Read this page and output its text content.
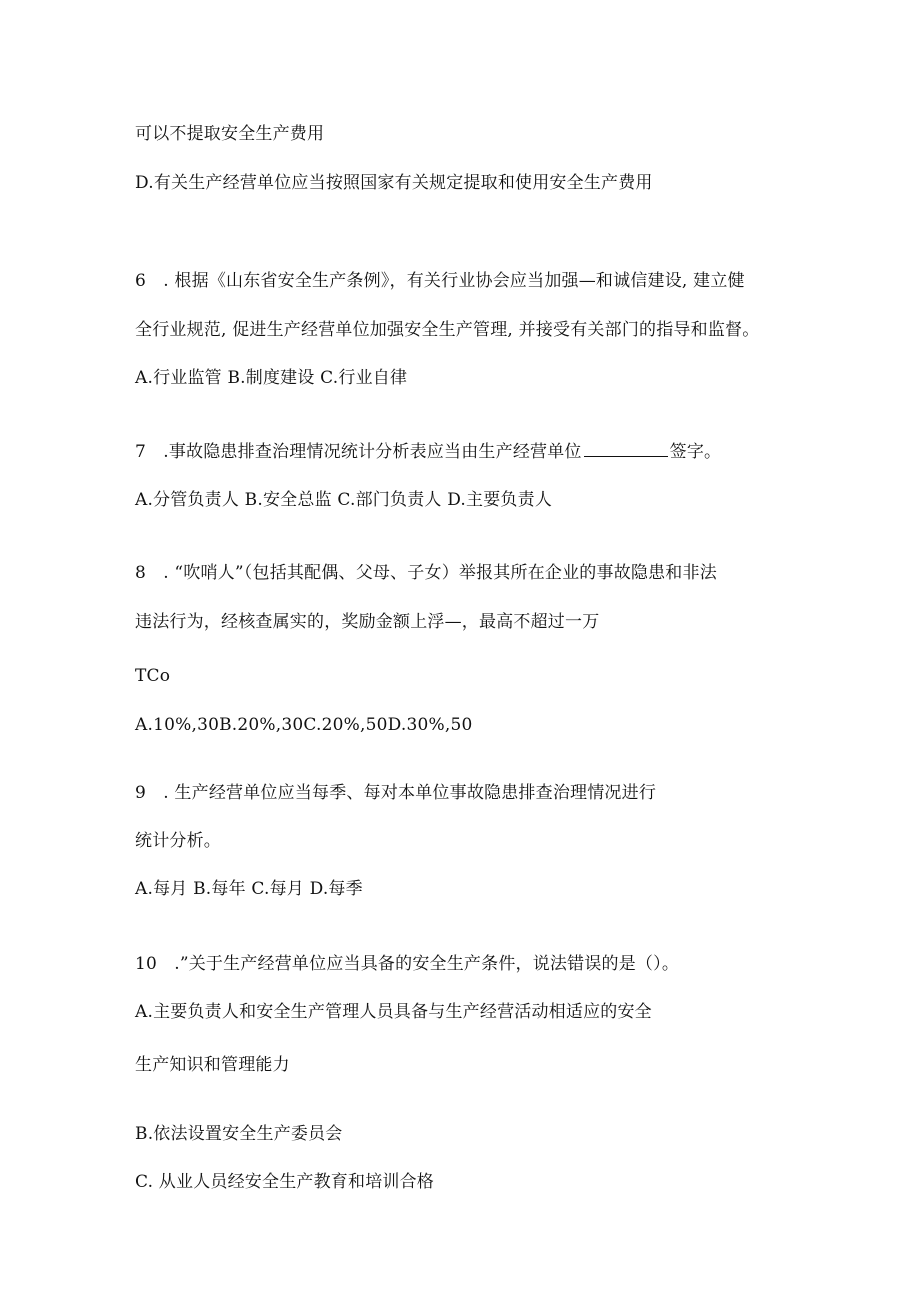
可以不提取安全生产费用
D.有关生产经营单位应当按照国家有关规定提取和使用安全生产费用
6　. 根据《山东省安全生产条例》，有关行业协会应当加强—和诚信建设, 建立健
全行业规范, 促进生产经营单位加强安全生产管理, 并接受有关部门的指导和监督。
A.行业监管 B.制度建设 C.行业自律
7　.事故隐患排查治理情况统计分析表应当由生产经营单位	签字。
A.分管负责人 B.安全总监 C.部门负责人 D.主要负责人
8　. “吹哨人”（包括其配偶、父母、子女）举报其所在企业的事故隐患和非法
违法行为，经核查属实的，奖励金额上浮—，最高不超过一万
TCo
A.10%,30B.20%,30C.20%,50D.30%,50
9　. 生产经营单位应当每季、每对本单位事故隐患排查治理情况进行
统计分析。
A.每月 B.每年 C.每月 D.每季
10　.”关于生产经营单位应当具备的安全生产条件，说法错误的是（）。
A.主要负责人和安全生产管理人员具备与生产经营活动相适应的安全
生产知识和管理能力
B.依法设置安全生产委员会
C. 从业人员经安全生产教育和培训合格
